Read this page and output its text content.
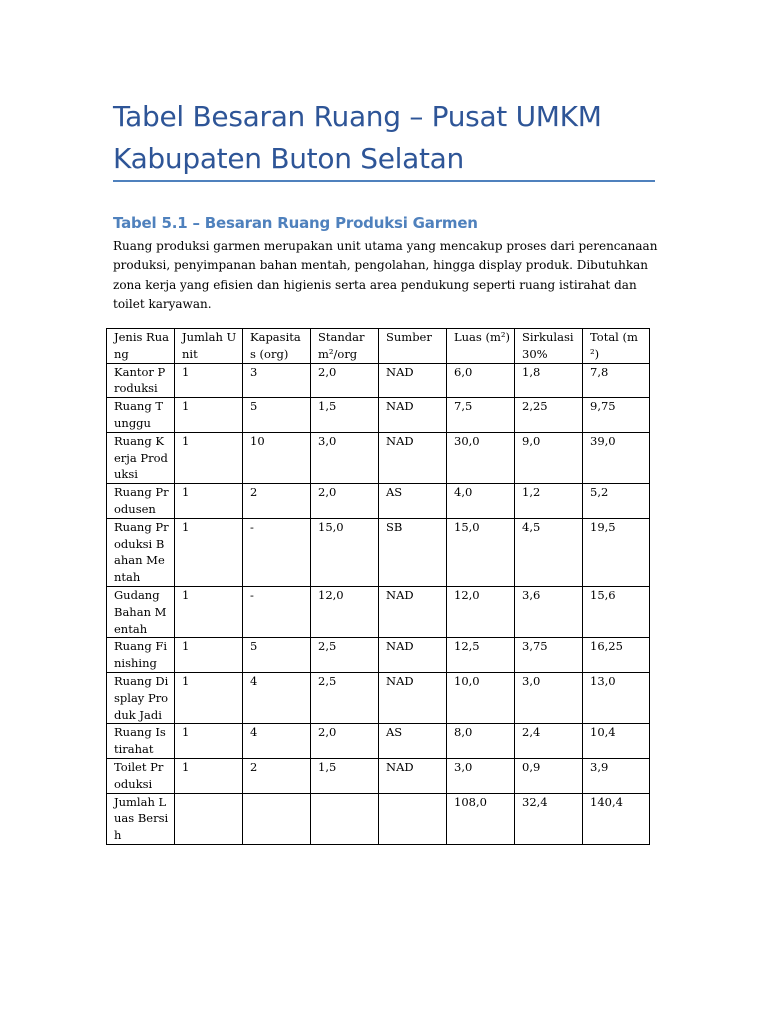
Tabel Besaran Ruang – Pusat UMKM Kabupaten Buton Selatan
Tabel 5.1 – Besaran Ruang Produksi Garmen

Ruang produksi garmen merupakan unit utama yang mencakup proses dari perencanaan produksi, penyimpanan bahan mentah, pengolahan, hingga display produk. Dibutuhkan zona kerja yang efisien dan higienis serta area pendukung seperti ruang istirahat dan toilet karyawan.

Jenis Ruang	Jumlah Unit	Kapasitas (org)	Standar m²/org	Sumber	Luas (m²)	Sirkulasi 30%	Total (m²)
Kantor Produksi	1	3	2,0	NAD	6,0	1,8	7,8
Ruang Tunggu	1	5	1,5	NAD	7,5	2,25	9,75
Ruang Kerja Produksi	1	10	3,0	NAD	30,0	9,0	39,0
Ruang Produsen	1	2	2,0	AS	4,0	1,2	5,2
Ruang Produksi Bahan Mentah	1	-	15,0	SB	15,0	4,5	19,5
Gudang Bahan Mentah	1	-	12,0	NAD	12,0	3,6	15,6
Ruang Finishing	1	5	2,5	NAD	12,5	3,75	16,25
Ruang Display Produk Jadi	1	4	2,5	NAD	10,0	3,0	13,0
Ruang Istirahat	1	4	2,0	AS	8,0	2,4	10,4
Toilet Produksi	1	2	1,5	NAD	3,0	0,9	3,9
Jumlah Luas Bersih					108,0	32,4	140,4
